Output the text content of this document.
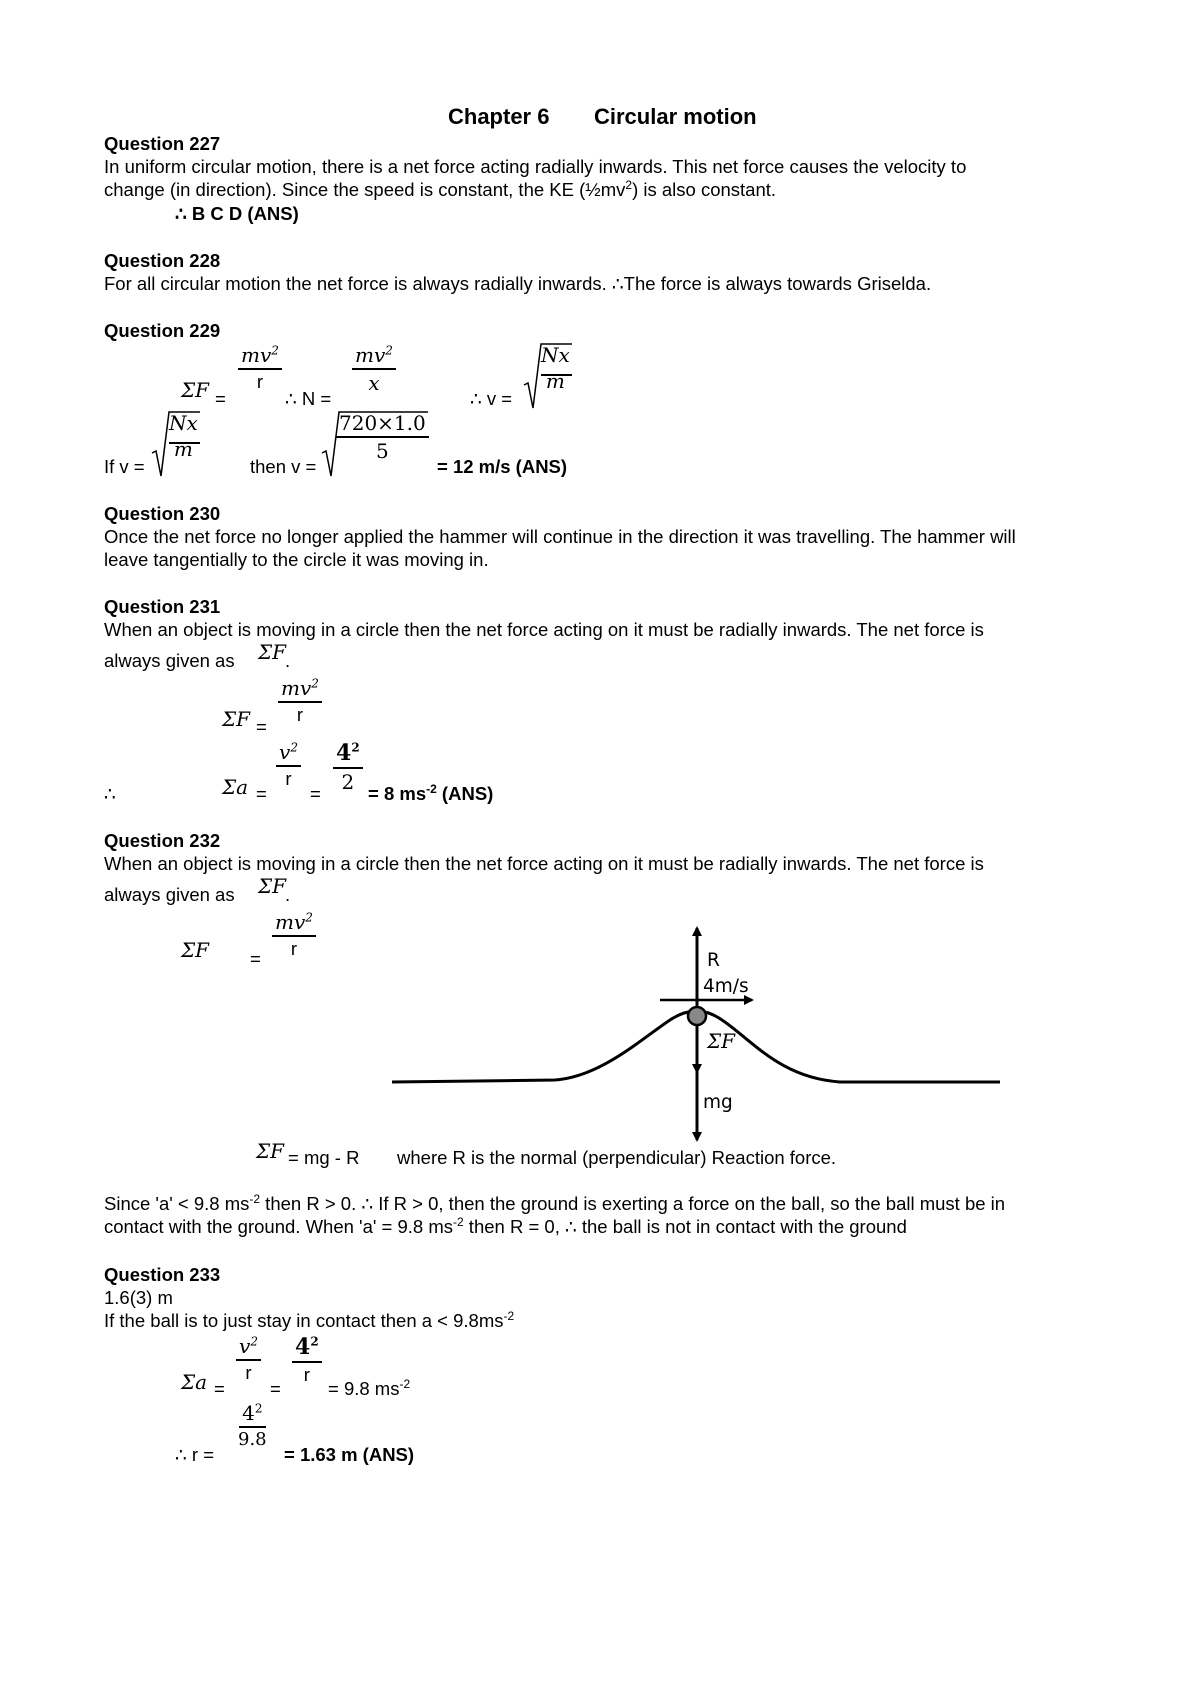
Chapter 6 Circular motion
Question 227
In uniform circular motion, there is a net force acting radially inwards. This net force causes the velocity to
change (in direction). Since the speed is constant, the KE $(\frac{1}{2}mv^2)$ is also constant.
∴ B C D (ANS)
Question 228
For all circular motion the net force is always radially inwards. ∴The force is always towards Griselda.
Question 229
ΣF =
$\frac{mv^2}{r}$
∴ N =
$\frac{mv^2}{x}$
∴ v =
Nx
m
If v =
Nx
m
then v =
$\frac{720\times 1.0}{5}$
= 12 m/s (ANS)
Question 230
Once the net force no longer applied the hammer will continue in the direction it was travelling. The hammer will
leave tangentially to the circle it was moving in.
Question 231
When an object is moving in a circle then the net force acting on it must be radially inwards. The net force is
always given as ΣF
.
ΣF =
$\frac{mv^2}{r}$
∴	Σa =
$\frac{v^2}{r}$
=
$\frac{4^2}{2}$
= 8 $ms^{-2}$ (ANS)
Question 232
When an object is moving in a circle then the net force acting on it must be radially inwards. The net force is
always given as ΣF
.
$\Sigma F = \frac{mv^2}{r}$
R
4m/s
ΣF
mg
ΣF = mg - R where R is the normal (perpendicular) Reaction force.
Since 'a' < 9.8 $ms^{-2}$ then R > 0. ∴ If R > 0, then the ground is exerting a force on the ball, so the ball must be in
contact with the ground. When 'a' = 9.8 $ms^{-2}$ then R = 0, ∴ the ball is not in contact with the ground
Question 233
1.6(3) m
If the ball is to just stay in contact then $a < 9.8ms^{-2}$
Σa =
$\frac{v^2}{r}$
=
$4^2$
r
= 9.8 $ms^{-2}$
∴ r =
$\frac{4^2}{9.8}$
= 1.63 m (ANS)
